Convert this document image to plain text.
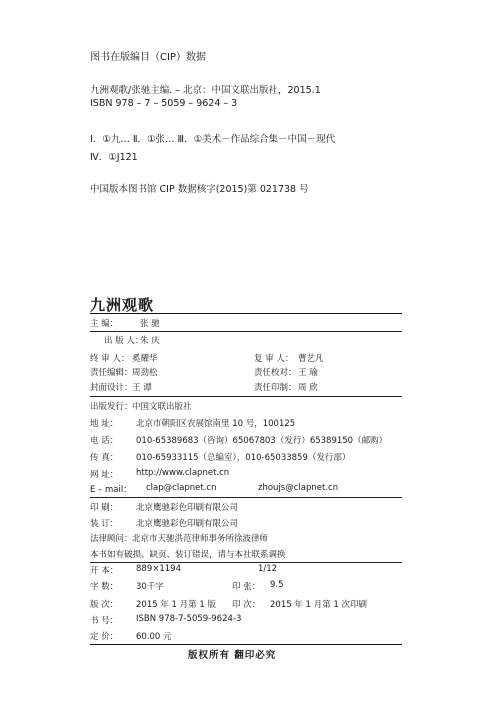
图书在版编目（CIP）数据
九洲观歌/张驰主编. – 北京：中国文联出版社，2015.1
ISBN 978 – 7 – 5059 – 9624 – 3
Ⅰ．①九… Ⅱ．①张… Ⅲ．①美术－作品综合集－中国－现代
Ⅳ．①J121
中国版本图书馆 CIP 数据核字(2015)第 021738 号
九洲观歌
主 编：	张 驰
出 版 人：
朱 庆
终 审 人： 奚耀华	复 审 人： 曹艺凡
责任编辑： 周劲松	责任校对： 王 瑜
封面设计： 王 谭	责任印制： 周 欣
出版发行： 中国文联出版社
地 址： 北京市朝阳区农展馆南里 10 号，100125
电 话： 010-65389683（咨询）65067803（发行）65389150（邮购）
传 真： 010-65933115（总编室），010-65033859（发行部）
网 址： http://www.clapnet.cn
E – mail： clap@clapnet.cn	zhoujs@clapnet.cn
印 刷： 北京鹰驰彩色印刷有限公司
装 订： 北京鹰驰彩色印刷有限公司
法律顾问： 北京市天驰洪范律师事务所徐波律师
本书如有破损、缺页、装订错误，请与本社联系调换
开 本： 889×1194	1/12
字 数： 30千字	印 张： 9.5
版 次： 2015 年 1 月第 1 版 印 次： 2015 年 1 月第 1 次印刷
书 号： ISBN 978-7-5059-9624-3
定 价： 60.00 元
版权所有 翻印必究
